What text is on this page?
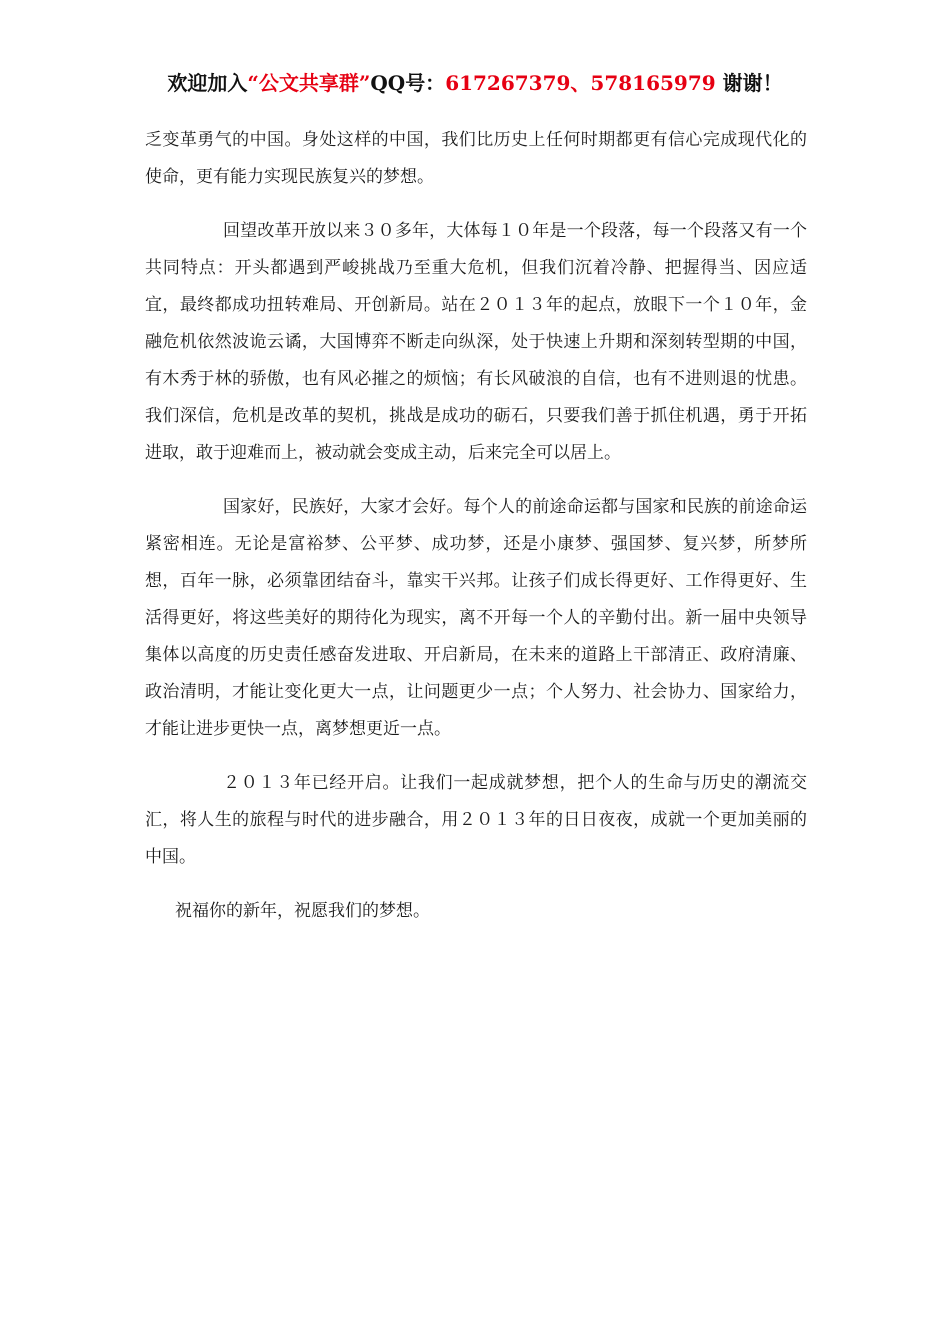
欢迎加入“公文共享群”QQ号：617267379、578165979 谢谢！

乏变革勇气的中国。身处这样的中国，我们比历史上任何时期都更有信心完成现代化的使命，更有能力实现民族复兴的梦想。

回望改革开放以来３０多年，大体每１０年是一个段落，每一个段落又有一个共同特点：开头都遇到严峻挑战乃至重大危机，但我们沉着冷静、把握得当、因应适宜，最终都成功扭转难局、开创新局。站在２０１３年的起点，放眼下一个１０年，金融危机依然波诡云谲，大国博弈不断走向纵深，处于快速上升期和深刻转型期的中国，有木秀于林的骄傲，也有风必摧之的烦恼；有长风破浪的自信，也有不进则退的忧患。我们深信，危机是改革的契机，挑战是成功的砺石，只要我们善于抓住机遇，勇于开拓进取，敢于迎难而上，被动就会变成主动，后来完全可以居上。

国家好，民族好，大家才会好。每个人的前途命运都与国家和民族的前途命运紧密相连。无论是富裕梦、公平梦、成功梦，还是小康梦、强国梦、复兴梦，所梦所想，百年一脉，必须靠团结奋斗，靠实干兴邦。让孩子们成长得更好、工作得更好、生活得更好，将这些美好的期待化为现实，离不开每一个人的辛勤付出。新一届中央领导集体以高度的历史责任感奋发进取、开启新局，在未来的道路上干部清正、政府清廉、政治清明，才能让变化更大一点，让问题更少一点；个人努力、社会协力、国家给力，才能让进步更快一点，离梦想更近一点。

２０１３年已经开启。让我们一起成就梦想，把个人的生命与历史的潮流交汇，将人生的旅程与时代的进步融合，用２０１３年的日日夜夜，成就一个更加美丽的中国。

祝福你的新年，祝愿我们的梦想。
